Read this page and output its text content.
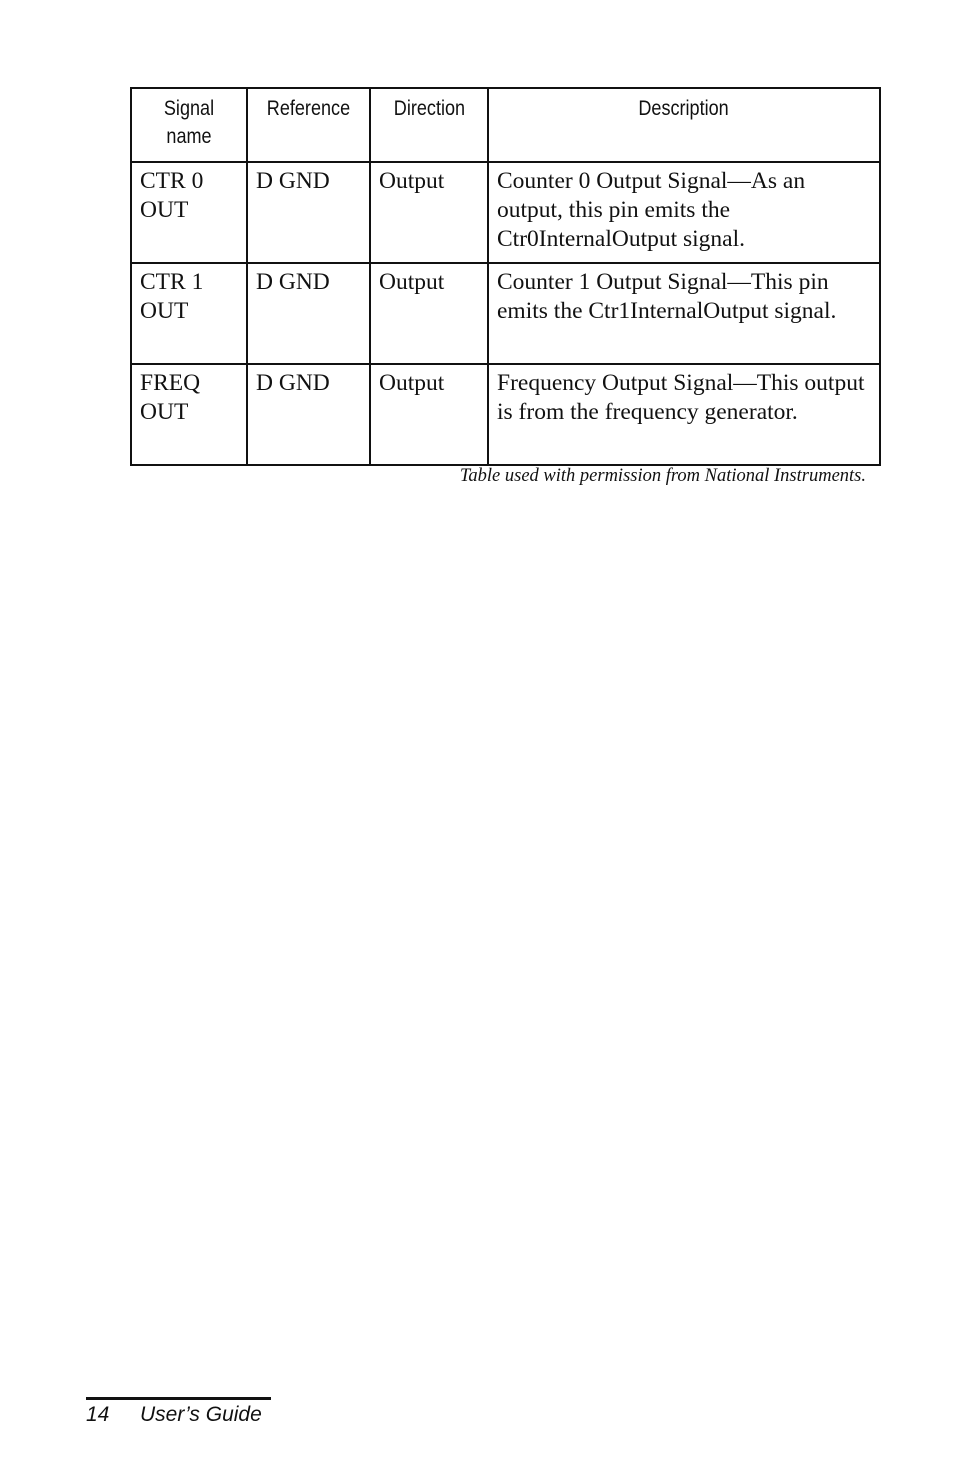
Signal name	Reference	Direction	Description
CTR 0 OUT	D GND	Output	Counter 0 Output Signal—As an output, this pin emits the Ctr0InternalOutput signal.
CTR 1 OUT	D GND	Output	Counter 1 Output Signal—This pin emits the Ctr1InternalOutput signal.
FREQ OUT	D GND	Output	Frequency Output Signal—This output is from the frequency generator.
Table used with permission from National Instruments.
14 User’s Guide
